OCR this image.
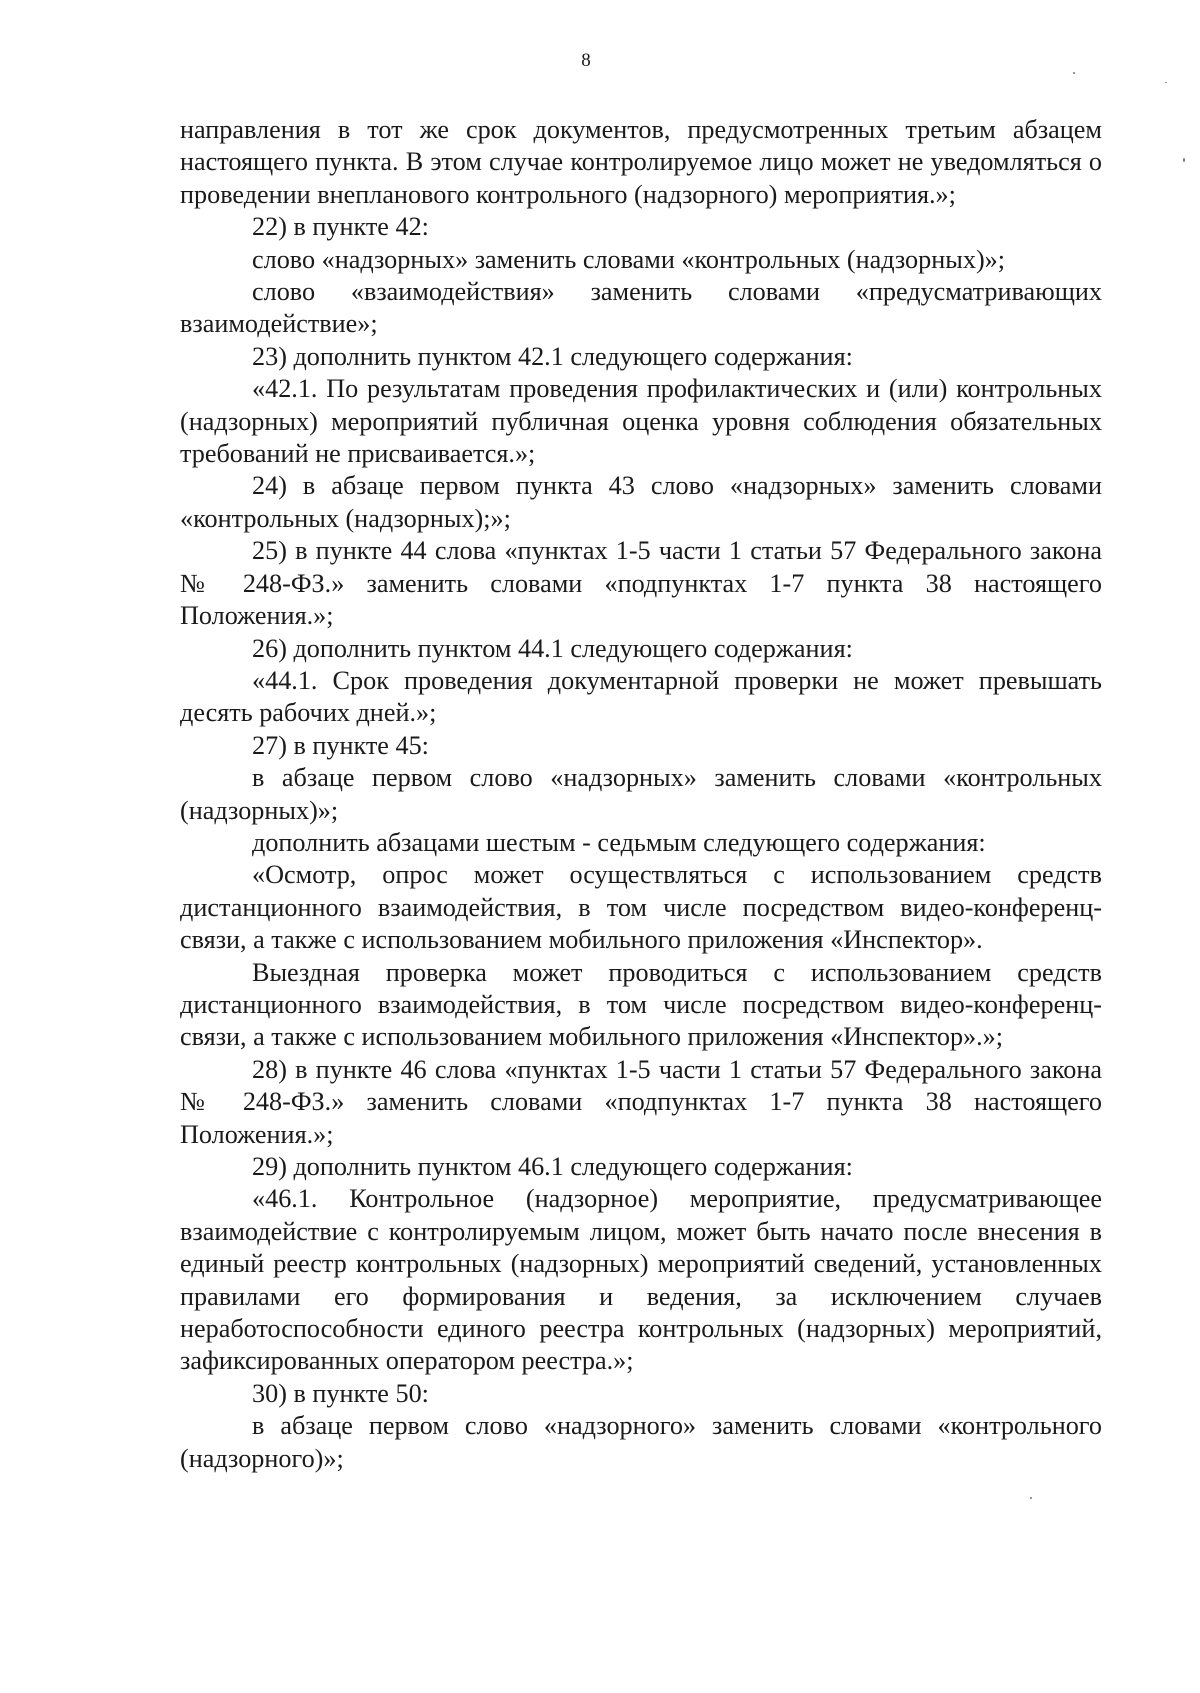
8

направления в тот же срок документов, предусмотренных третьим абзацем настоящего пункта. В этом случае контролируемое лицо может не уведомляться о проведении внепланового контрольного (надзорного) мероприятия.»;

22) в пункте 42:

слово «надзорных» заменить словами «контрольных (надзорных)»;

слово «взаимодействия» заменить словами «предусматривающих взаимодействие»;

23) дополнить пунктом 42.1 следующего содержания:

«42.1. По результатам проведения профилактических и (или) контрольных (надзорных) мероприятий публичная оценка уровня соблюдения обязательных требований не присваивается.»;

24) в абзаце первом пункта 43 слово «надзорных» заменить словами «контрольных (надзорных);»;

25) в пункте 44 слова «пунктах 1-5 части 1 статьи 57 Федерального закона № 248-ФЗ.» заменить словами «подпунктах 1-7 пункта 38 настоящего Положения.»;

26) дополнить пунктом 44.1 следующего содержания:

«44.1. Срок проведения документарной проверки не может превышать десять рабочих дней.»;

27) в пункте 45:

в абзаце первом слово «надзорных» заменить словами «контрольных (надзорных)»;

дополнить абзацами шестым - седьмым следующего содержания:

«Осмотр, опрос может осуществляться с использованием средств дистанционного взаимодействия, в том числе посредством видео-конференц-связи, а также с использованием мобильного приложения «Инспектор».

Выездная проверка может проводиться с использованием средств дистанционного взаимодействия, в том числе посредством видео-конференц-связи, а также с использованием мобильного приложения «Инспектор».»;

28) в пункте 46 слова «пунктах 1-5 части 1 статьи 57 Федерального закона № 248-ФЗ.» заменить словами «подпунктах 1-7 пункта 38 настоящего Положения.»;

29) дополнить пунктом 46.1 следующего содержания:

«46.1. Контрольное (надзорное) мероприятие, предусматривающее взаимодействие с контролируемым лицом, может быть начато после внесения в единый реестр контрольных (надзорных) мероприятий сведений, установленных правилами его формирования и ведения, за исключением случаев неработоспособности единого реестра контрольных (надзорных) мероприятий, зафиксированных оператором реестра.»;

30) в пункте 50:

в абзаце первом слово «надзорного» заменить словами «контрольного (надзорного)»;
